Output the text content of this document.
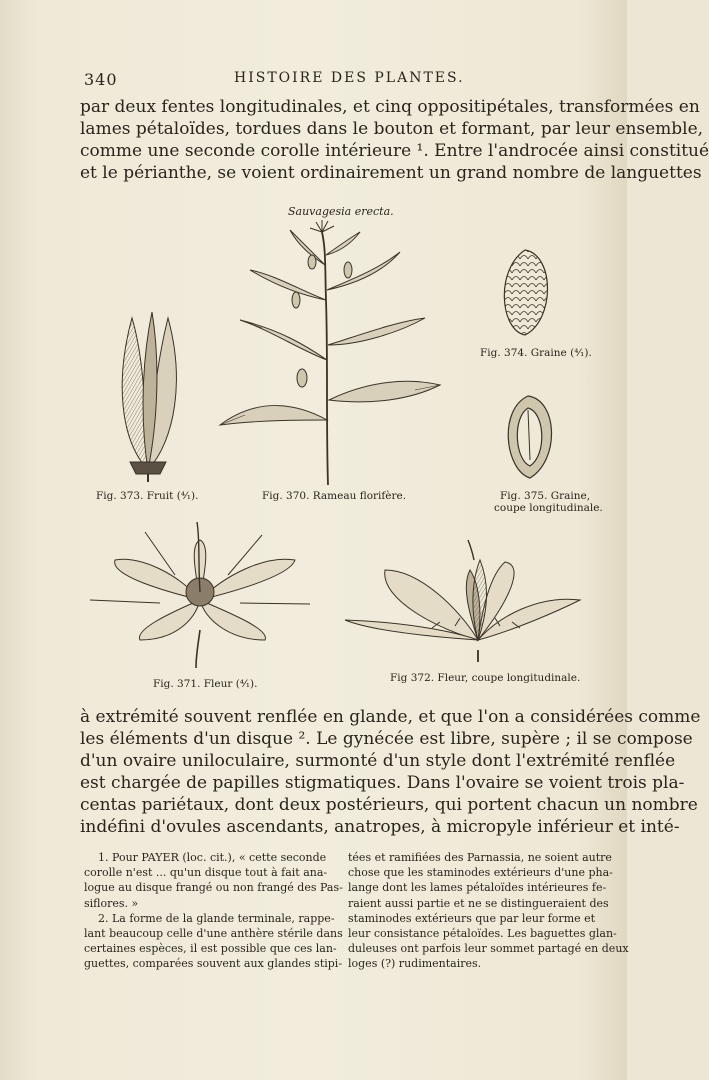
340	HISTOIRE DES PLANTES.
par deux fentes longitudinales, et cinq oppositipétales, transformées en
lames pétaloïdes, tordues dans le bouton et formant, par leur ensemble,
comme une seconde corolle intérieure ¹. Entre l'androcée ainsi constitué
et le périanthe, se voient ordinairement un grand nombre de languettes
Sauvagesia erecta.
Fig. 370. Rameau florifère.
Fig. 373. Fruit (⁴⁄₁).
Fig. 374. Graine (⁴⁄₁).
Fig. 375. Graine,
coupe longitudinale.
Fig. 371. Fleur (⁴⁄₁).	Fig 372. Fleur, coupe longitudinale.
à extrémité souvent renflée en glande, et que l'on a considérées comme
les éléments d'un disque ². Le gynécée est libre, supère ; il se compose
d'un ovaire uniloculaire, surmonté d'un style dont l'extrémité renflée
est chargée de papilles stigmatiques. Dans l'ovaire se voient trois pla-
centas pariétaux, dont deux postérieurs, qui portent chacun un nombre
indéfini d'ovules ascendants, anatropes, à micropyle inférieur et inté-
1. Pour PAYER (loc. cit.), « cette seconde
corolle n'est ... qu'un disque tout à fait ana-
logue au disque frangé ou non frangé des Pas-
siflores. »
2. La forme de la glande terminale, rappe-
lant beaucoup celle d'une anthère stérile dans
certaines espèces, il est possible que ces lan-
guettes, comparées souvent aux glandes stipi-
tées et ramifiées des Parnassia, ne soient autre
chose que les staminodes extérieurs d'une pha-
lange dont les lames pétaloïdes intérieures fe-
raient aussi partie et ne se distingueraient des
staminodes extérieurs que par leur forme et
leur consistance pétaloïdes. Les baguettes glan-
duleuses ont parfois leur sommet partagé en deux
loges (?) rudimentaires.
